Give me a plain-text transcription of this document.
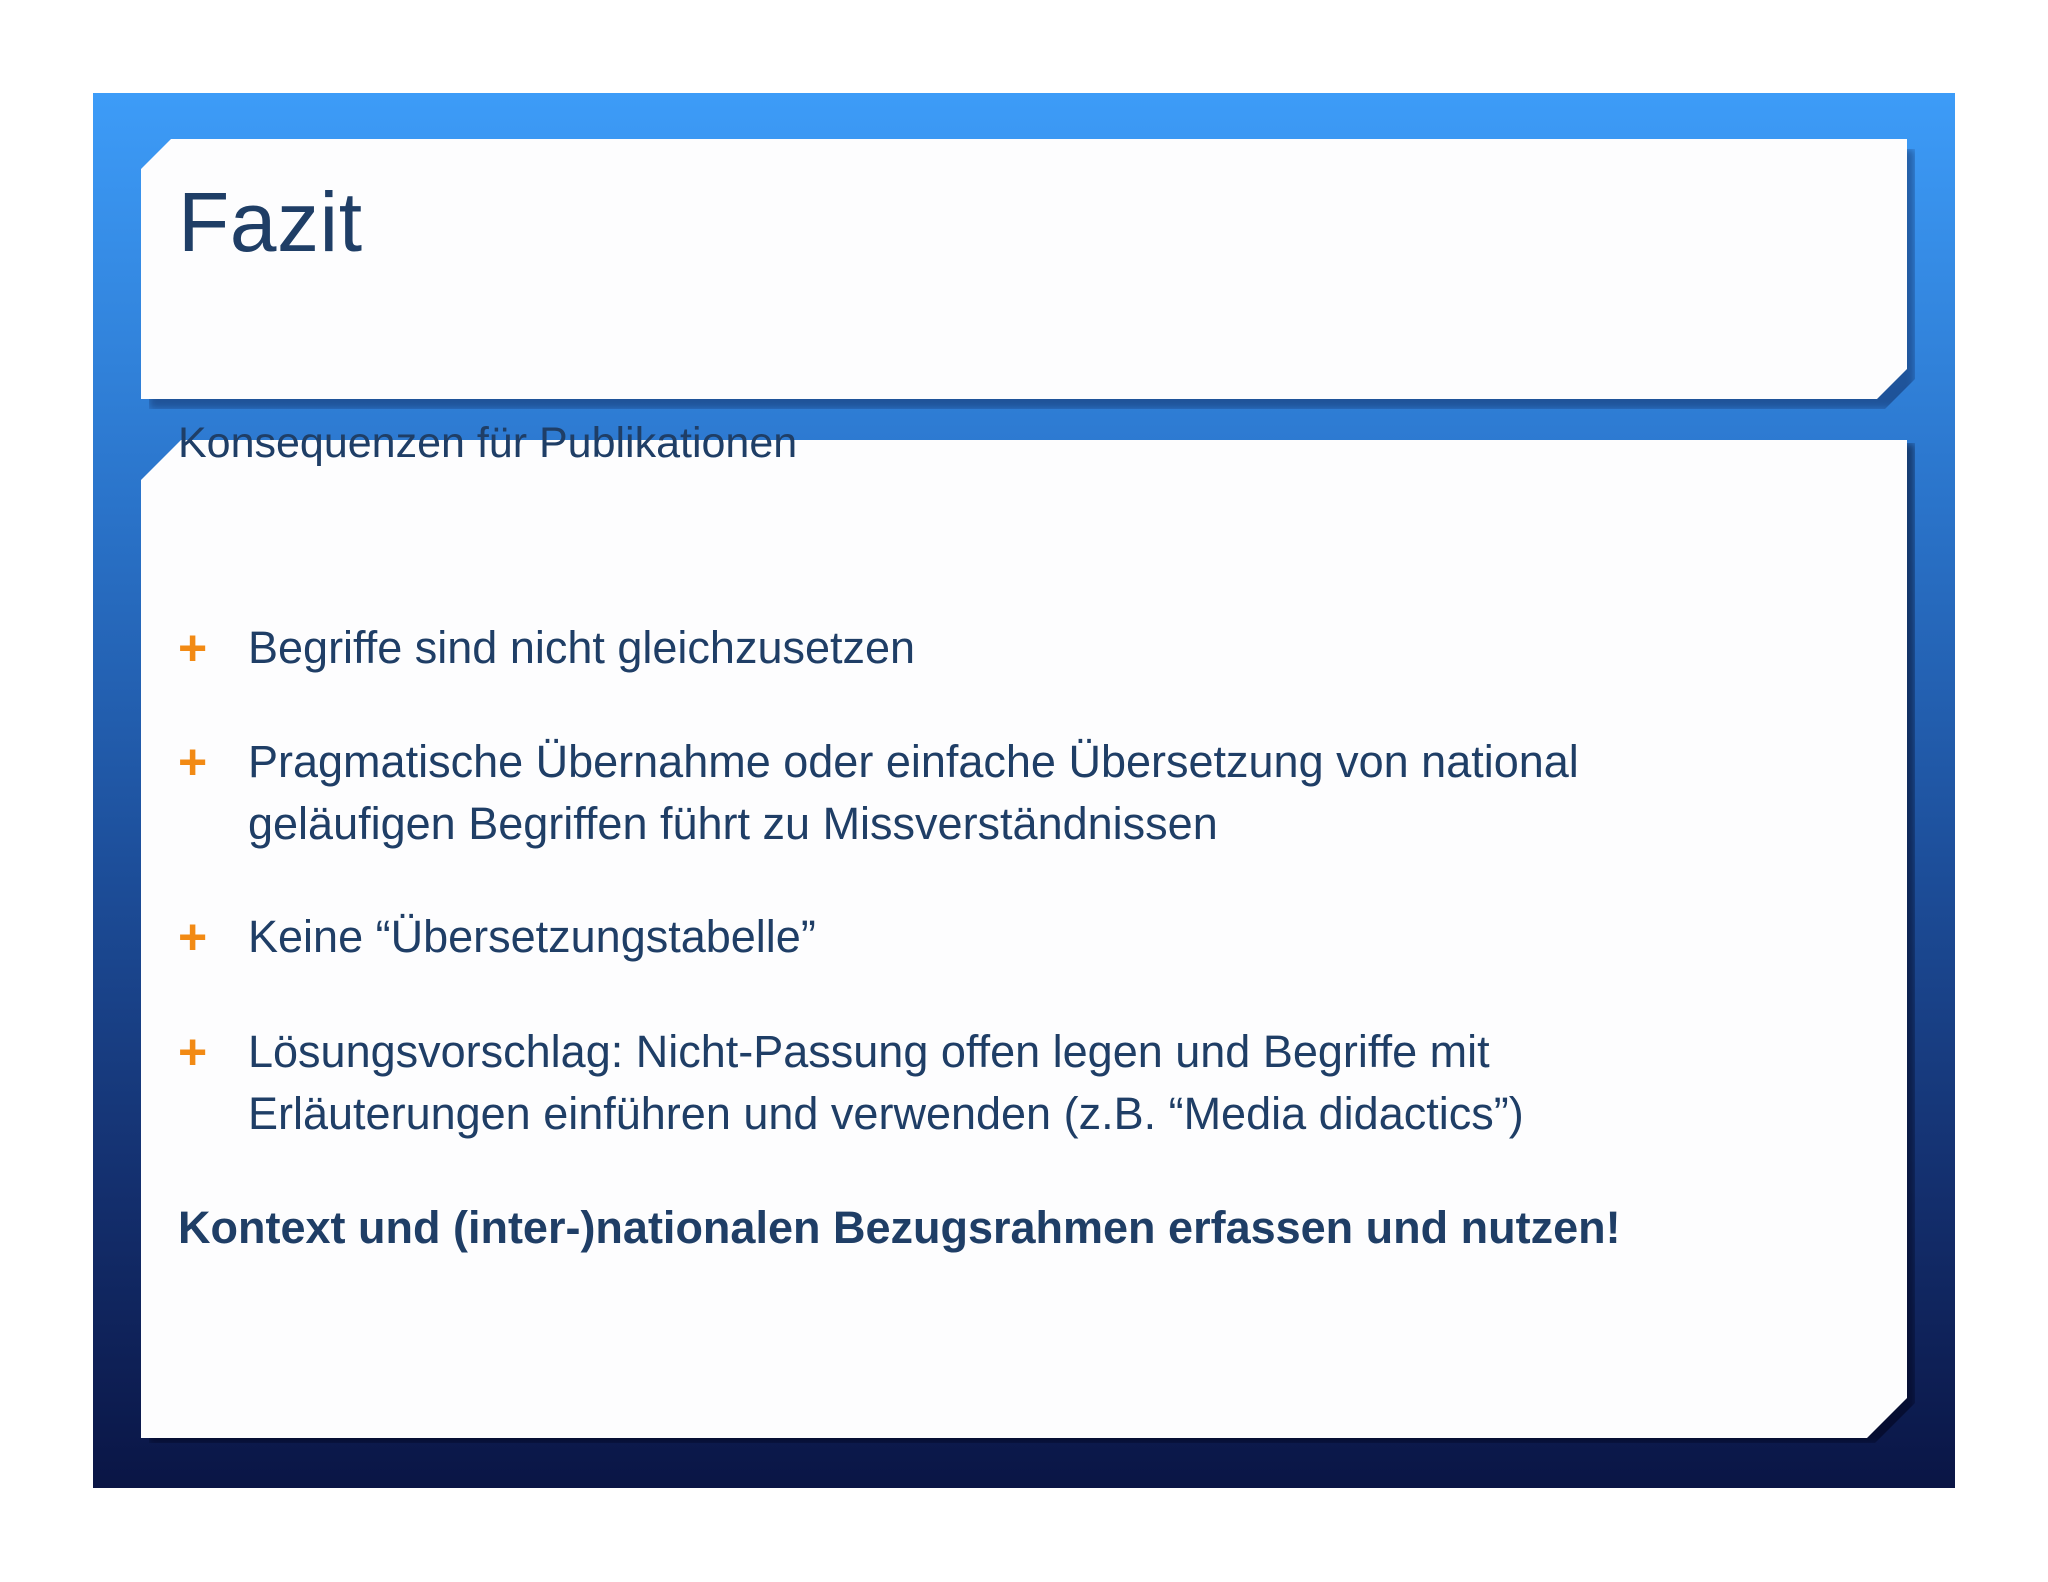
Fazit
Konsequenzen für Publikationen
+ Begriffe sind nicht gleichzusetzen
+ Pragmatische Übernahme oder einfache Übersetzung von national geläufigen Begriffen führt zu Missverständnissen
+ Keine “Übersetzungstabelle”
+ Lösungsvorschlag: Nicht-Passung offen legen und Begriffe mit Erläuterungen einführen und verwenden (z.B. “Media didactics”)
Kontext und (inter-)nationalen Bezugsrahmen erfassen und nutzen!
